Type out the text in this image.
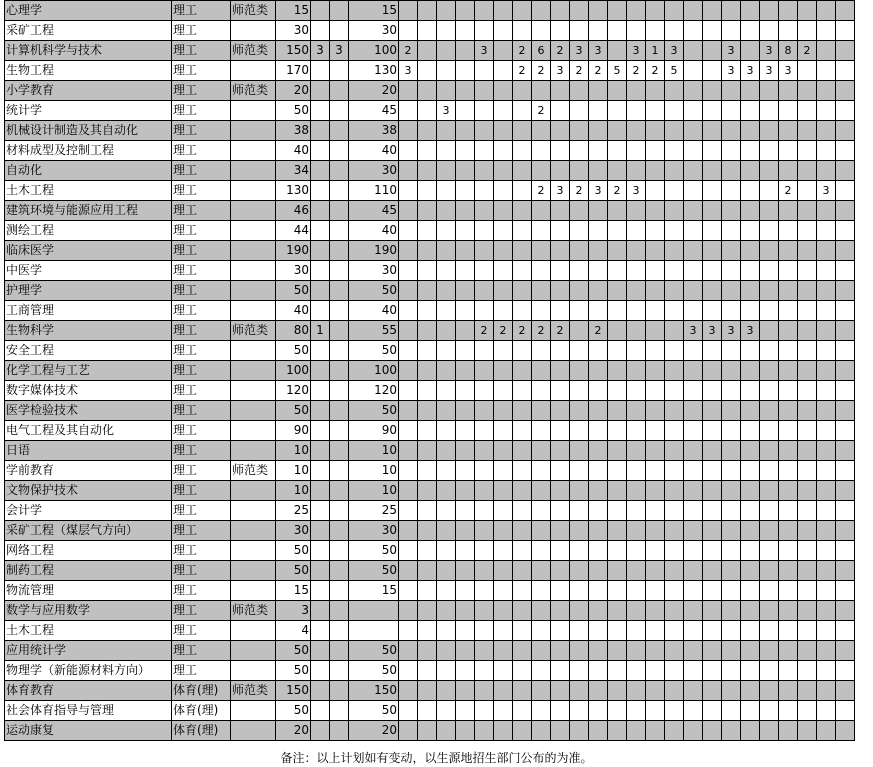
心理学	理工	师范类	15			15																								
采矿工程	理工		30			30																								
计算机科学与技术	理工	师范类	150	3	3	100	2				3		2	6	2	3	3		3	1	3			3		3	8	2		
生物工程	理工		170			130	3						2	2	3	2	2	5	2	2	5			3	3	3	3			
小学教育	理工	师范类	20			20																								
统计学	理工		50			45			3					2																
机械设计制造及其自动化	理工		38			38																								
材料成型及控制工程	理工		40			40																								
自动化	理工		34			30																								
土木工程	理工		130			110								2	3	2	3	2	3								2		3	
建筑环境与能源应用工程	理工		46			45																								
测绘工程	理工		44			40																								
临床医学	理工		190			190																								
中医学	理工		30			30																								
护理学	理工		50			50																								
工商管理	理工		40			40																								
生物科学	理工	师范类	80	1		55					2	2	2	2	2		2					3	3	3	3					
安全工程	理工		50			50																								
化学工程与工艺	理工		100			100																								
数字媒体技术	理工		120			120																								
医学检验技术	理工		50			50																								
电气工程及其自动化	理工		90			90																								
日语	理工		10			10																								
学前教育	理工	师范类	10			10																								
文物保护技术	理工		10			10																								
会计学	理工		25			25																								
采矿工程（煤层气方向）	理工		30			30																								
网络工程	理工		50			50																								
制药工程	理工		50			50																								
物流管理	理工		15			15																								
数学与应用数学	理工	师范类	3																											
土木工程	理工		4																											
应用统计学	理工		50			50																								
物理学（新能源材料方向）	理工		50			50																								
体育教育	体育(理)	师范类	150			150																								
社会体育指导与管理	体育(理)		50			50																								
运动康复	体育(理)		20			20																								
备注：以上计划如有变动，以生源地招生部门公布的为准。
